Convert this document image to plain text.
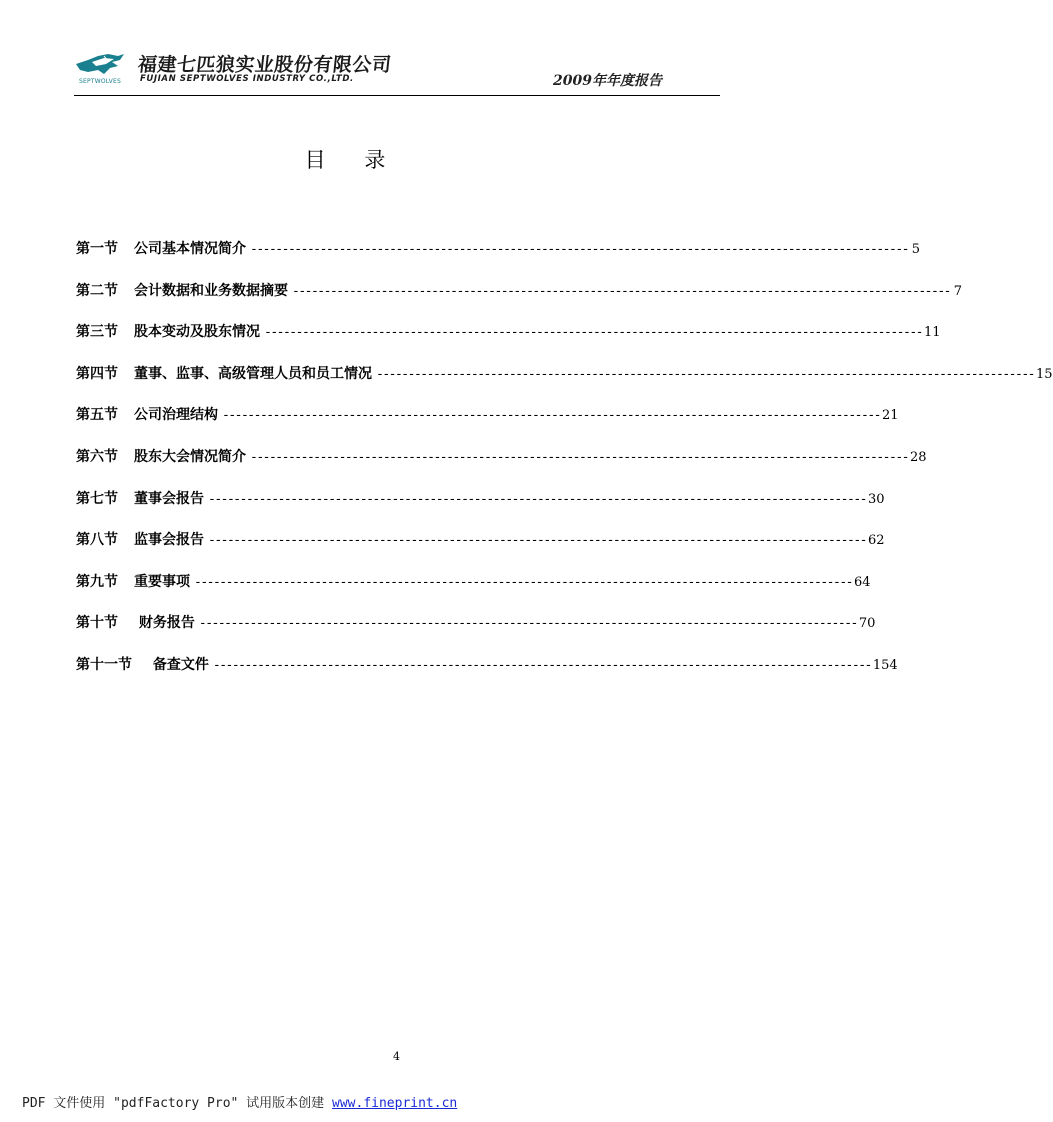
SEPTWOLVES
福建七匹狼实业股份有限公司
FUJIAN SEPTWOLVES INDUSTRY CO.,LTD.	2009年年度报告
目 录
第一节 公司基本情况简介 -------------------------------------------------------------------------------------------------------- 5
第二节 会计数据和业务数据摘要 -------------------------------------------------------------------------------------------------------- 7
第三节 股本变动及股东情况 -------------------------------------------------------------------------------------------------------- 11
第四节 董事、监事、高级管理人员和员工情况 -------------------------------------------------------------------------------------------------------- 15
第五节 公司治理结构 -------------------------------------------------------------------------------------------------------- 21
第六节 股东大会情况简介 -------------------------------------------------------------------------------------------------------- 28
第七节 董事会报告 -------------------------------------------------------------------------------------------------------- 30
第八节 监事会报告 -------------------------------------------------------------------------------------------------------- 62
第九节 重要事项 -------------------------------------------------------------------------------------------------------- 64
第十节 财务报告 -------------------------------------------------------------------------------------------------------- 70
第十一节 备查文件 -------------------------------------------------------------------------------------------------------- 154
4
PDF 文件使用 "pdfFactory Pro" 试用版本创建 www.fineprint.cn
